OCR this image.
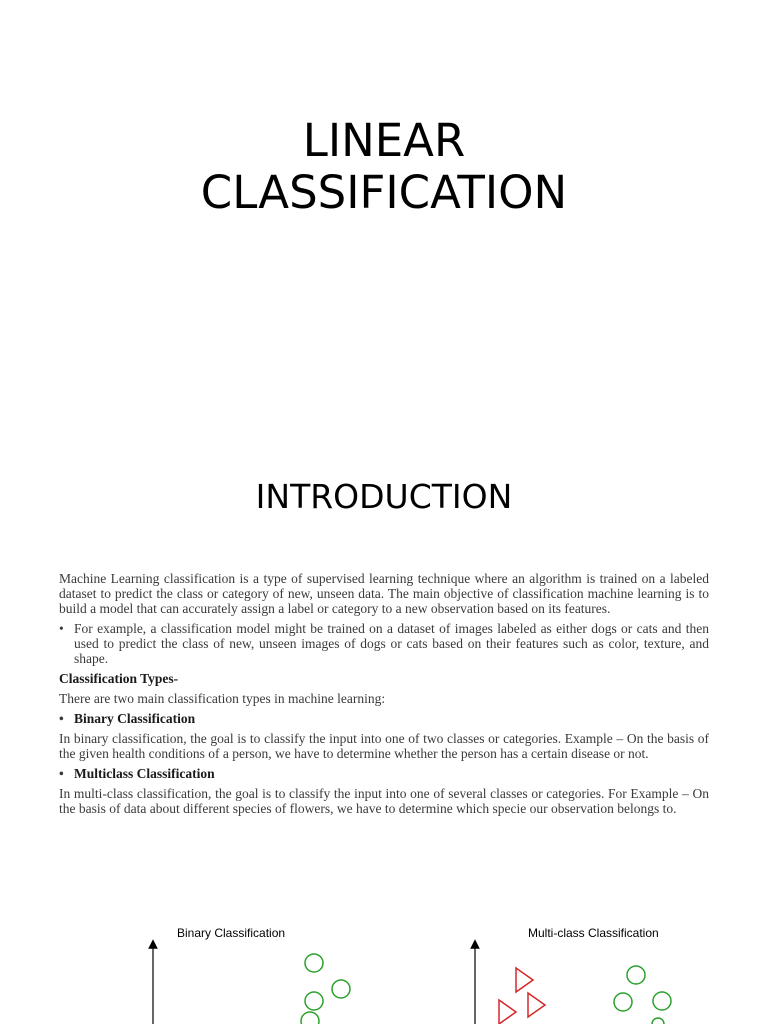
LINEAR
CLASSIFICATION
INTRODUCTION

Machine Learning classification is a type of supervised learning technique where an algorithm is trained on a labeled dataset to predict the class or category of new, unseen data. The main objective of classification machine learning is to build a model that can accurately assign a label or category to a new observation based on its features.

• For example, a classification model might be trained on a dataset of images labeled as either dogs or cats and then used to predict the class of new, unseen images of dogs or cats based on their features such as color, texture, and shape.

Classification Types-

There are two main classification types in machine learning:

• Binary Classification

In binary classification, the goal is to classify the input into one of two classes or categories. Example – On the basis of the given health conditions of a person, we have to determine whether the person has a certain disease or not.

• Multiclass Classification

In multi-class classification, the goal is to classify the input into one of several classes or categories. For Example – On the basis of data about different species of flowers, we have to determine which specie our observation belongs to.

Binary Classification	Multi-class Classification
